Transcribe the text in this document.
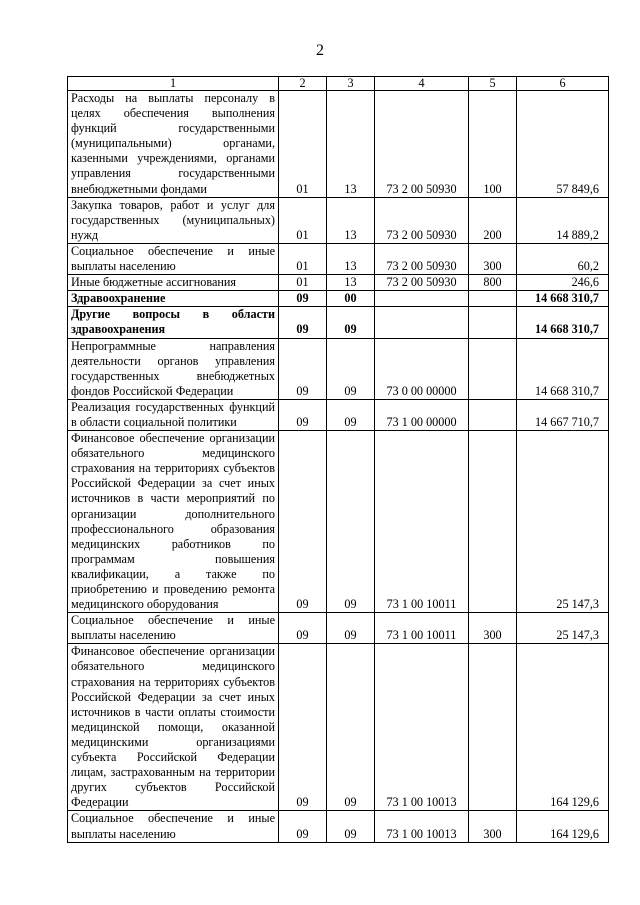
2
1	2	3	4	5	6
Расходы на выплаты персоналу в целях обеспечения выполнения функций государственными (муниципальными) органами, казенными учреждениями, органами управления государственными внебюджетными фондами	01	13	73 2 00 50930	100	57 849,6
Закупка товаров, работ и услуг для государственных (муниципальных) нужд	01	13	73 2 00 50930	200	14 889,2
Социальное обеспечение и иные выплаты населению	01	13	73 2 00 50930	300	60,2
Иные бюджетные ассигнования	01	13	73 2 00 50930	800	246,6
Здравоохранение	09	00			14 668 310,7
Другие вопросы в области здравоохранения	09	09			14 668 310,7
Непрограммные направления деятельности органов управления государственных внебюджетных фондов Российской Федерации	09	09	73 0 00 00000		14 668 310,7
Реализация государственных функций в области социальной политики	09	09	73 1 00 00000		14 667 710,7
Финансовое обеспечение организации обязательного медицинского страхования на территориях субъектов Российской Федерации за счет иных источников в части мероприятий по организации дополнительного профессионального образования медицинских работников по программам повышения квалификации, а также по приобретению и проведению ремонта медицинского оборудования	09	09	73 1 00 10011		25 147,3
Социальное обеспечение и иные выплаты населению	09	09	73 1 00 10011	300	25 147,3
Финансовое обеспечение организации обязательного медицинского страхования на территориях субъектов Российской Федерации за счет иных источников в части оплаты стоимости медицинской помощи, оказанной медицинскими организациями субъекта Российской Федерации лицам, застрахованным на территории других субъектов Российской Федерации	09	09	73 1 00 10013		164 129,6
Социальное обеспечение и иные выплаты населению	09	09	73 1 00 10013	300	164 129,6
